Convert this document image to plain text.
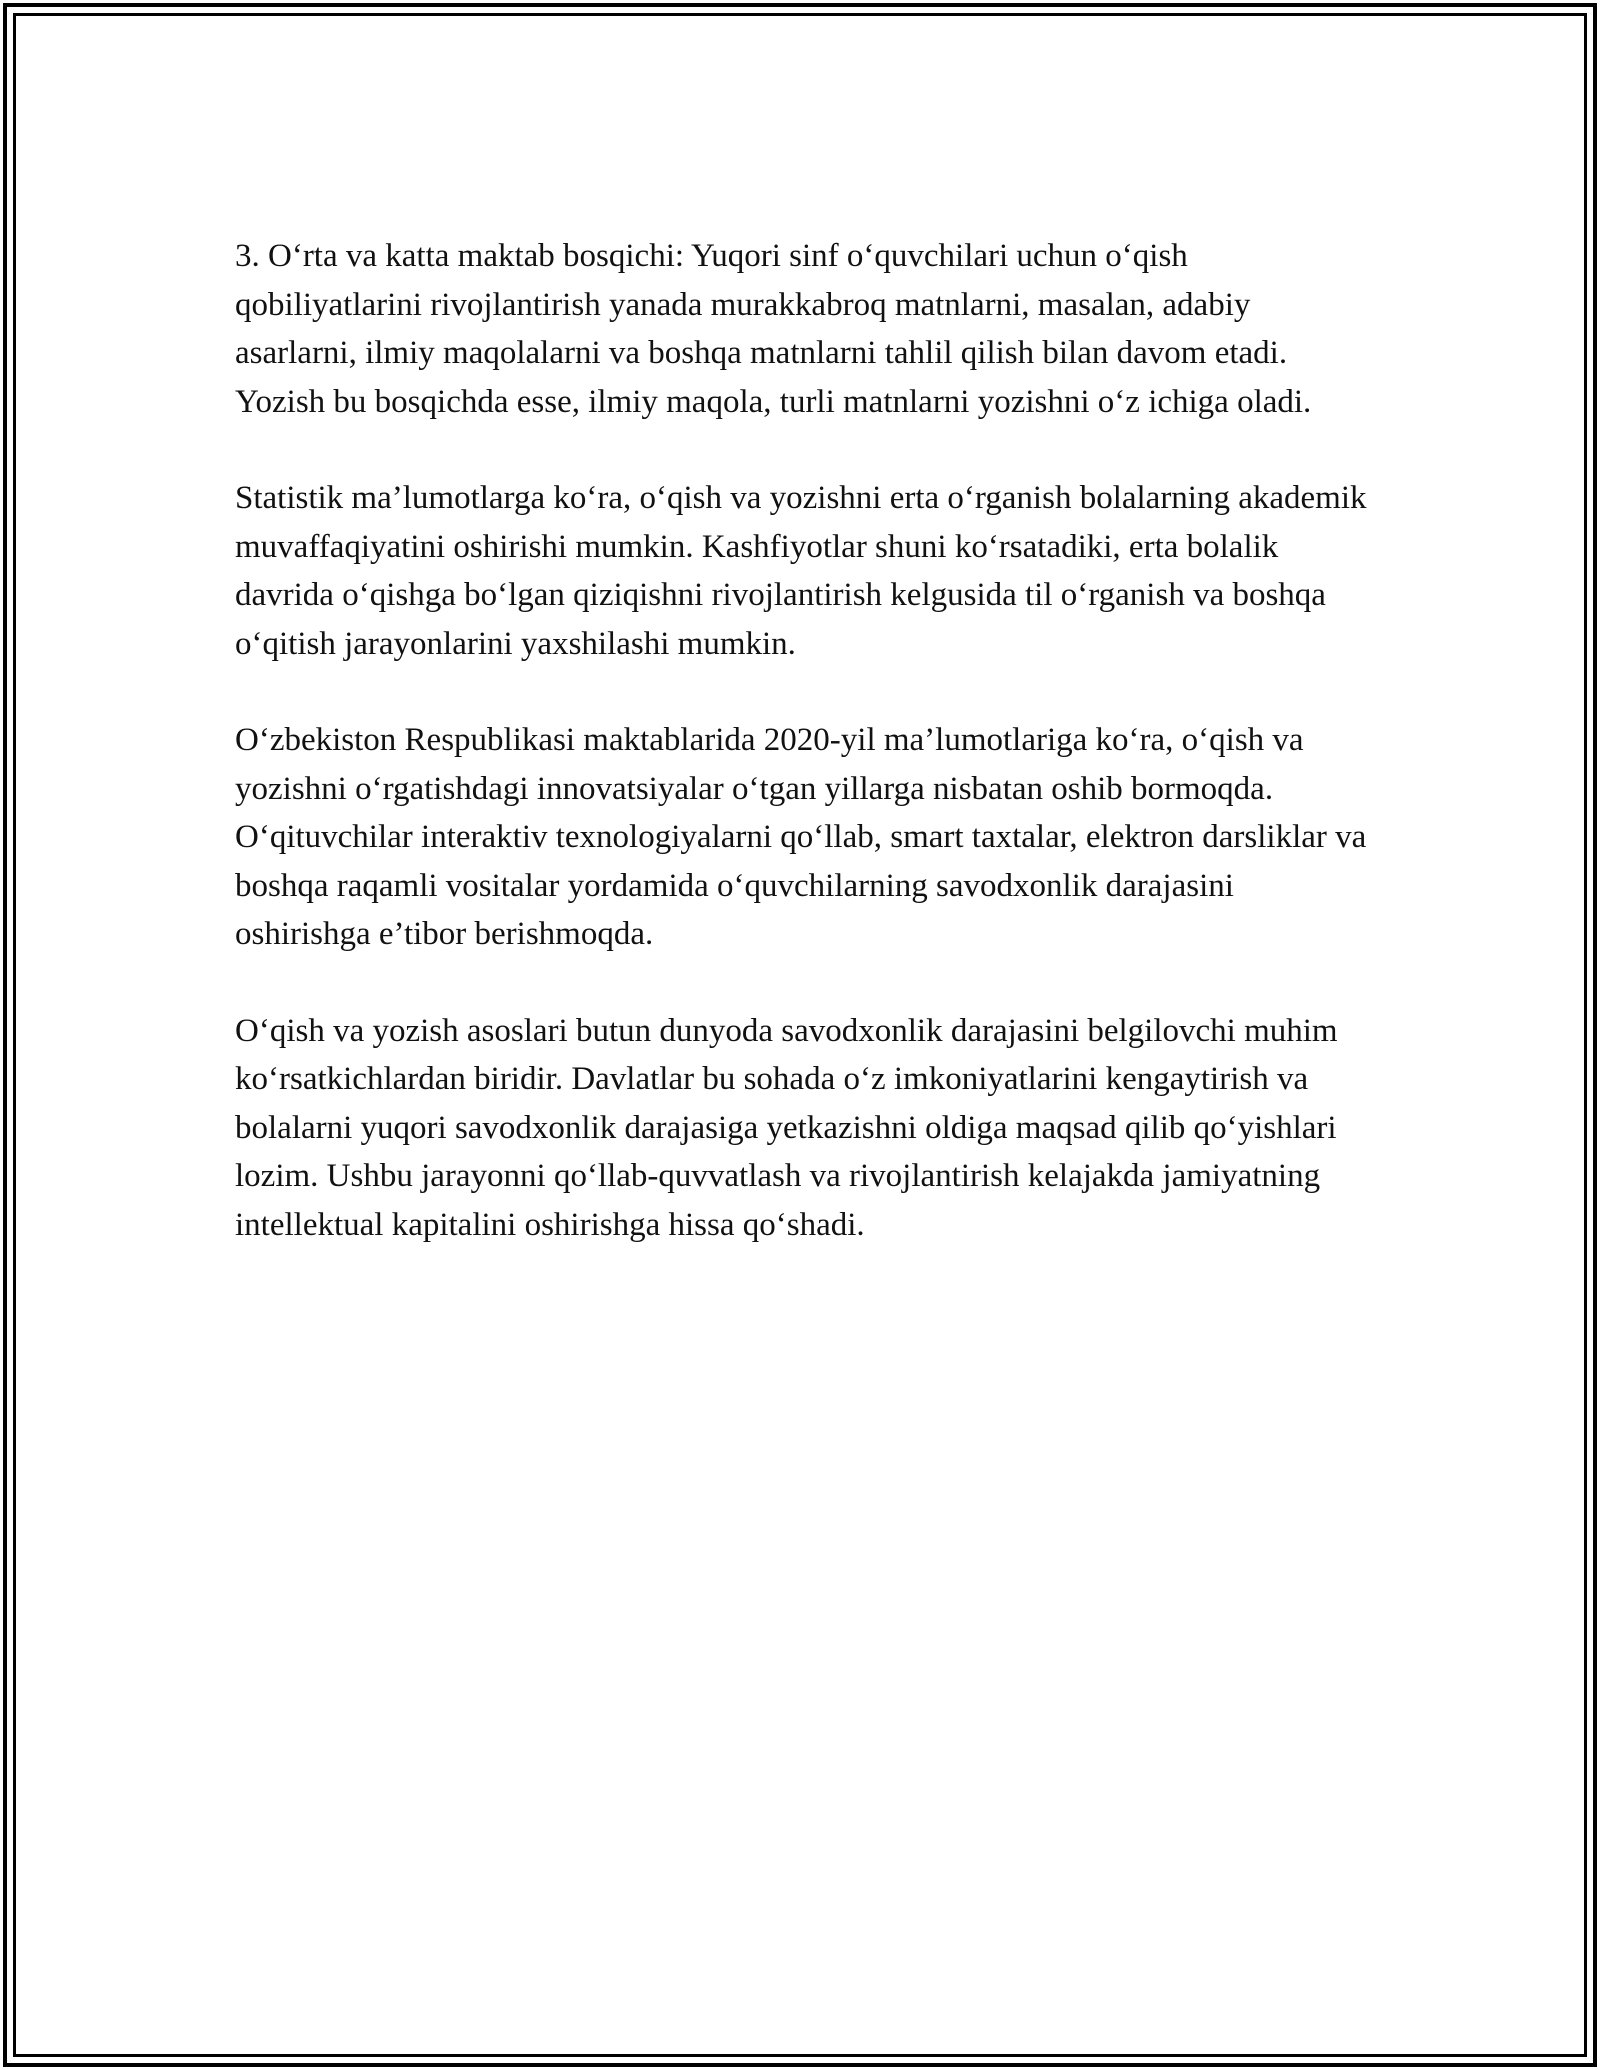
3. O‘rta va katta maktab bosqichi: Yuqori sinf o‘quvchilari uchun o‘qish qobiliyatlarini rivojlantirish yanada murakkabroq matnlarni, masalan, adabiy asarlarni, ilmiy maqolalarni va boshqa matnlarni tahlil qilish bilan davom etadi. Yozish bu bosqichda esse, ilmiy maqola, turli matnlarni yozishni o‘z ichiga oladi.

Statistik ma’lumotlarga ko‘ra, o‘qish va yozishni erta o‘rganish bolalarning akademik muvaffaqiyatini oshirishi mumkin. Kashfiyotlar shuni ko‘rsatadiki, erta bolalik davrida o‘qishga bo‘lgan qiziqishni rivojlantirish kelgusida til o‘rganish va boshqa o‘qitish jarayonlarini yaxshilashi mumkin.

O‘zbekiston Respublikasi maktablarida 2020-yil ma’lumotlariga ko‘ra, o‘qish va yozishni o‘rgatishdagi innovatsiyalar o‘tgan yillarga nisbatan oshib bormoqda. O‘qituvchilar interaktiv texnologiyalarni qo‘llab, smart taxtalar, elektron darsliklar va boshqa raqamli vositalar yordamida o‘quvchilarning savodxonlik darajasini oshirishga e’tibor berishmoqda.

O‘qish va yozish asoslari butun dunyoda savodxonlik darajasini belgilovchi muhim ko‘rsatkichlardan biridir. Davlatlar bu sohada o‘z imkoniyatlarini kengaytirish va bolalarni yuqori savodxonlik darajasiga yetkazishni oldiga maqsad qilib qo‘yishlari lozim. Ushbu jarayonni qo‘llab-quvvatlash va rivojlantirish kelajakda jamiyatning intellektual kapitalini oshirishga hissa qo‘shadi.
